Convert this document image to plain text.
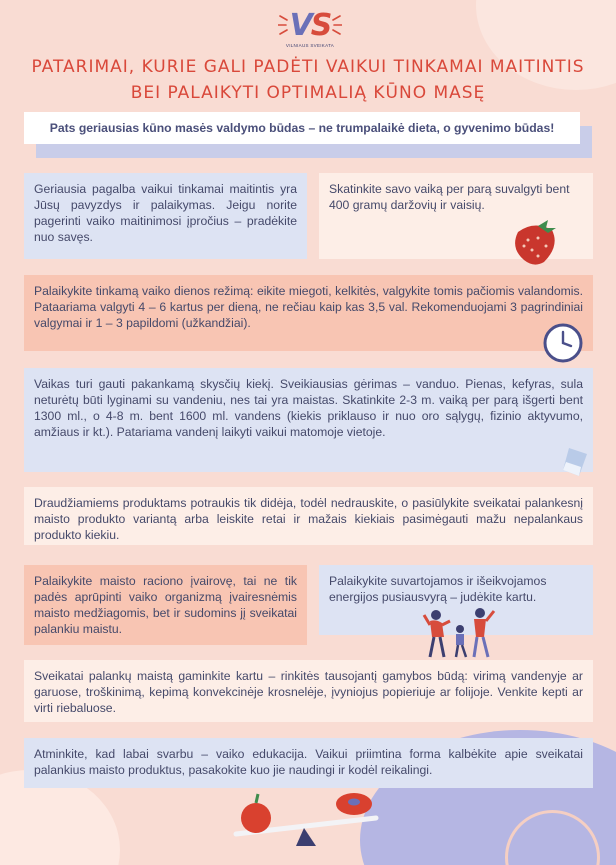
VS
VILNIAUS SVEIKATA
PATARIMAI, KURIE GALI PADĖTI VAIKUI TINKAMAI MAITINTIS BEI PALAIKYTI OPTIMALIĄ KŪNO MASĘ
Pats geriausias kūno masės valdymo būdas – ne trumpalaikė dieta, o gyvenimo būdas!
Geriausia pagalba vaikui tinkamai maitintis yra Jūsų pavyzdys ir palaikymas. Jeigu norite pagerinti vaiko maitinimosi įpročius – pradėkite nuo savęs.
Skatinkite savo vaiką per parą suvalgyti bent 400 gramų daržovių ir vaisių.
Palaikykite tinkamą vaiko dienos režimą: eikite miegoti, kelkitės, valgykite tomis pačiomis valandomis. Pataariama valgyti 4 – 6 kartus per dieną, ne rečiau kaip kas 3,5 val. Rekomenduojami 3 pagrindiniai valgymai ir 1 – 3 papildomi (užkandžiai).
Vaikas turi gauti pakankamą skysčių kiekį. Sveikiausias gėrimas – vanduo. Pienas, kefyras, sula neturėtų būti lyginami su vandeniu, nes tai yra maistas. Skatinkite 2-3 m. vaiką per parą išgerti bent 1300 ml., o 4-8 m. bent 1600 ml. vandens (kiekis priklauso ir nuo oro sąlygų, fizinio aktyvumo, amžiaus ir kt.). Patariama vandenį laikyti vaikui matomoje vietoje.
Draudžiamiems produktams potraukis tik didėja, todėl nedrauskite, o pasiūlykite sveikatai palankesnį maisto produkto variantą arba leiskite retai ir mažais kiekiais pasimėgauti mažu nepalankaus produkto kiekiu.
Palaikykite maisto raciono įvairovę, tai ne tik padės aprūpinti vaiko organizmą įvairesnėmis maisto medžiagomis, bet ir sudomins jį sveikatai palankiu maistu.
Palaikykite suvartojamos ir išeikvojamos energijos pusiausvyrą – judėkite kartu.
Sveikatai palankų maistą gaminkite kartu – rinkitės tausojantį gamybos būdą: virimą vandenyje ar garuose, troškinimą, kepimą konvekcinėje krosnelėje, įvyniojus popieriuje ar folijoje. Venkite kepti ar virti riebaluose.
Atminkite, kad labai svarbu – vaiko edukacija. Vaikui priimtina forma kalbėkite apie sveikatai palankius maisto produktus, pasakokite kuo jie naudingi ir kodėl reikalingi.
